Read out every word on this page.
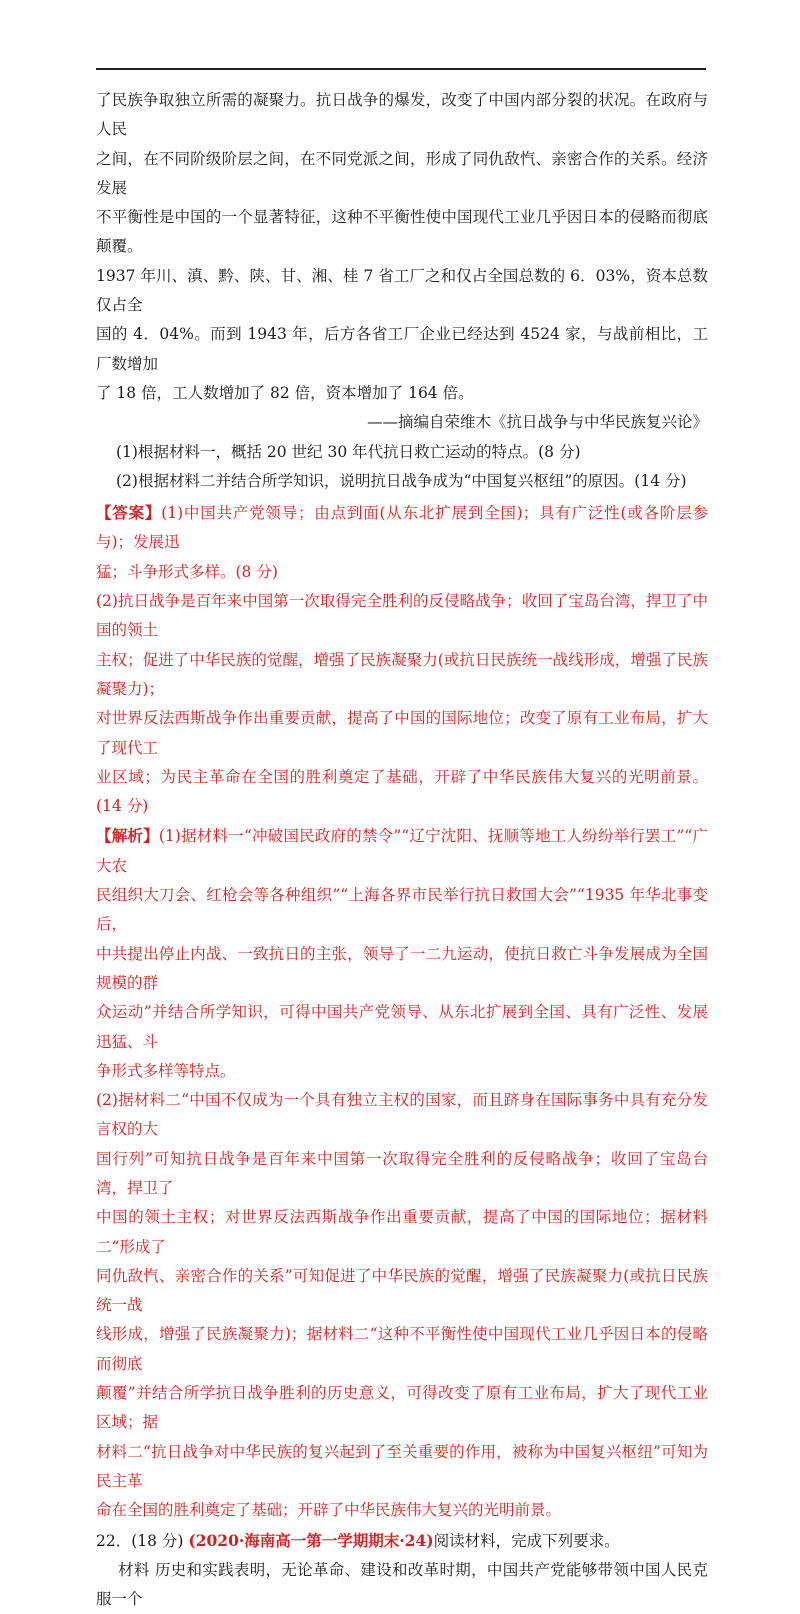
了民族争取独立所需的凝聚力。抗日战争的爆发，改变了中国内部分裂的状况。在政府与人民
之间，在不同阶级阶层之间，在不同党派之间，形成了同仇敌忾、亲密合作的关系。经济发展
不平衡性是中国的一个显著特征，这种不平衡性使中国现代工业几乎因日本的侵略而彻底颠覆。
1937 年川、滇、黔、陕、甘、湘、桂 7 省工厂之和仅占全国总数的 6．03%，资本总数仅占全
国的 4．04%。而到 1943 年，后方各省工厂企业已经达到 4524 家，与战前相比，工厂数增加
了 18 倍，工人数增加了 82 倍，资本增加了 164 倍。

——摘编自荣维木《抗日战争与中华民族复兴论》

(1)根据材料一，概括 20 世纪 30 年代抗日救亡运动的特点。(8 分)

(2)根据材料二并结合所学知识，说明抗日战争成为“中国复兴枢纽”的原因。(14 分)

【答案】(1)中国共产党领导；由点到面(从东北扩展到全国)；具有广泛性(或各阶层参与)；发展迅
猛；斗争形式多样。(8 分)

(2)抗日战争是百年来中国第一次取得完全胜利的反侵略战争；收回了宝岛台湾，捍卫了中国的领土
主权；促进了中华民族的觉醒，增强了民族凝聚力(或抗日民族统一战线形成，增强了民族凝聚力)；
对世界反法西斯战争作出重要贡献，提高了中国的国际地位；改变了原有工业布局，扩大了现代工
业区域；为民主革命在全国的胜利奠定了基础，开辟了中华民族伟大复兴的光明前景。(14 分)

【解析】(1)据材料一“冲破国民政府的禁令”“辽宁沈阳、抚顺等地工人纷纷举行罢工”“广大农
民组织大刀会、红枪会等各种组织”“上海各界市民举行抗日救国大会”“1935 年华北事变后，
中共提出停止内战、一致抗日的主张，领导了一二九运动，使抗日救亡斗争发展成为全国规模的群
众运动”并结合所学知识，可得中国共产党领导、从东北扩展到全国、具有广泛性、发展迅猛、斗
争形式多样等特点。

(2)据材料二“中国不仅成为一个具有独立主权的国家，而且跻身在国际事务中具有充分发言权的大
国行列”可知抗日战争是百年来中国第一次取得完全胜利的反侵略战争；收回了宝岛台湾，捍卫了
中国的领土主权；对世界反法西斯战争作出重要贡献，提高了中国的国际地位；据材料二“形成了
同仇敌忾、亲密合作的关系”可知促进了中华民族的觉醒，增强了民族凝聚力(或抗日民族统一战
线形成，增强了民族凝聚力)；据材料二“这种不平衡性使中国现代工业几乎因日本的侵略而彻底
颠覆”并结合所学抗日战争胜利的历史意义，可得改变了原有工业布局，扩大了现代工业区域；据
材料二“抗日战争对中华民族的复兴起到了至关重要的作用，被称为中国复兴枢纽”可知为民主革
命在全国的胜利奠定了基础；开辟了中华民族伟大复兴的光明前景。

22．(18 分) (2020·海南高一第一学期期末·24)阅读材料，完成下列要求。

材料 历史和实践表明，无论革命、建设和改革时期，中国共产党能够带领中国人民克服一个
